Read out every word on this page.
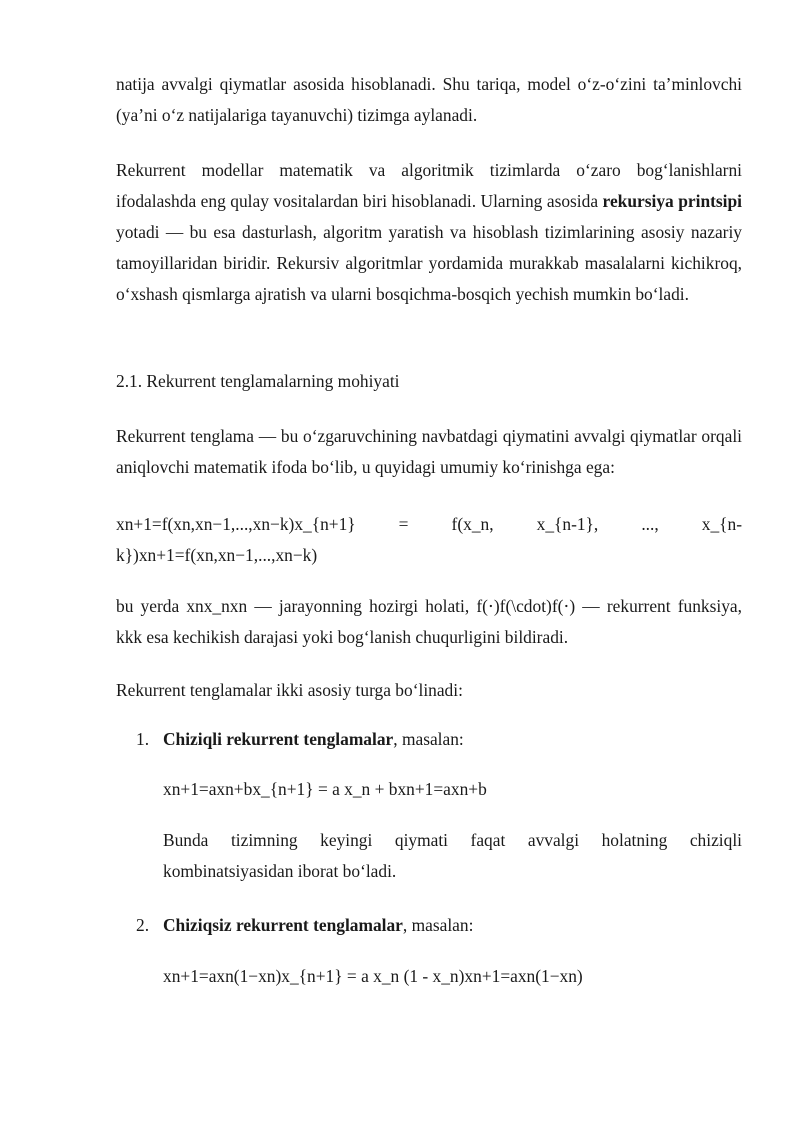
natija avvalgi qiymatlar asosida hisoblanadi. Shu tariqa, model o‘z-o‘zini ta’minlovchi (ya’ni o‘z natijalariga tayanuvchi) tizimga aylanadi.

Rekurrent modellar matematik va algoritmik tizimlarda o‘zaro bog‘lanishlarni ifodalashda eng qulay vositalardan biri hisoblanadi. Ularning asosida rekursiya printsipi yotadi — bu esa dasturlash, algoritm yaratish va hisoblash tizimlarining asosiy nazariy tamoyillaridan biridir. Rekursiv algoritmlar yordamida murakkab masalalarni kichikroq, o‘xshash qismlarga ajratish va ularni bosqichma-bosqich yechish mumkin bo‘ladi.

2.1. Rekurrent tenglamalarning mohiyati

Rekurrent tenglama — bu o‘zgaruvchining navbatdagi qiymatini avvalgi qiymatlar orqali aniqlovchi matematik ifoda bo‘lib, u quyidagi umumiy ko‘rinishga ega:

xn+1=f(xn,xn−1,...,xn−k)x_{n+1} = f(x_n, x_{n-1}, ..., x_{n-k})xn+1=f(xn,xn−1,...,xn−k)

bu yerda xnx_nxn — jarayonning hozirgi holati, f(⋅)f(\cdot)f(⋅) — rekurrent funksiya, kkk esa kechikish darajasi yoki bog‘lanish chuqurligini bildiradi.

Rekurrent tenglamalar ikki asosiy turga bo‘linadi:

1. Chiziqli rekurrent tenglamalar, masalan:

xn+1=axn+bx_{n+1} = a x_n + bxn+1=axn+b

Bunda tizimning keyingi qiymati faqat avvalgi holatning chiziqli kombinatsiyasidan iborat bo‘ladi.

2. Chiziqsiz rekurrent tenglamalar, masalan:

xn+1=axn(1−xn)x_{n+1} = a x_n (1 - x_n)xn+1=axn(1−xn)
